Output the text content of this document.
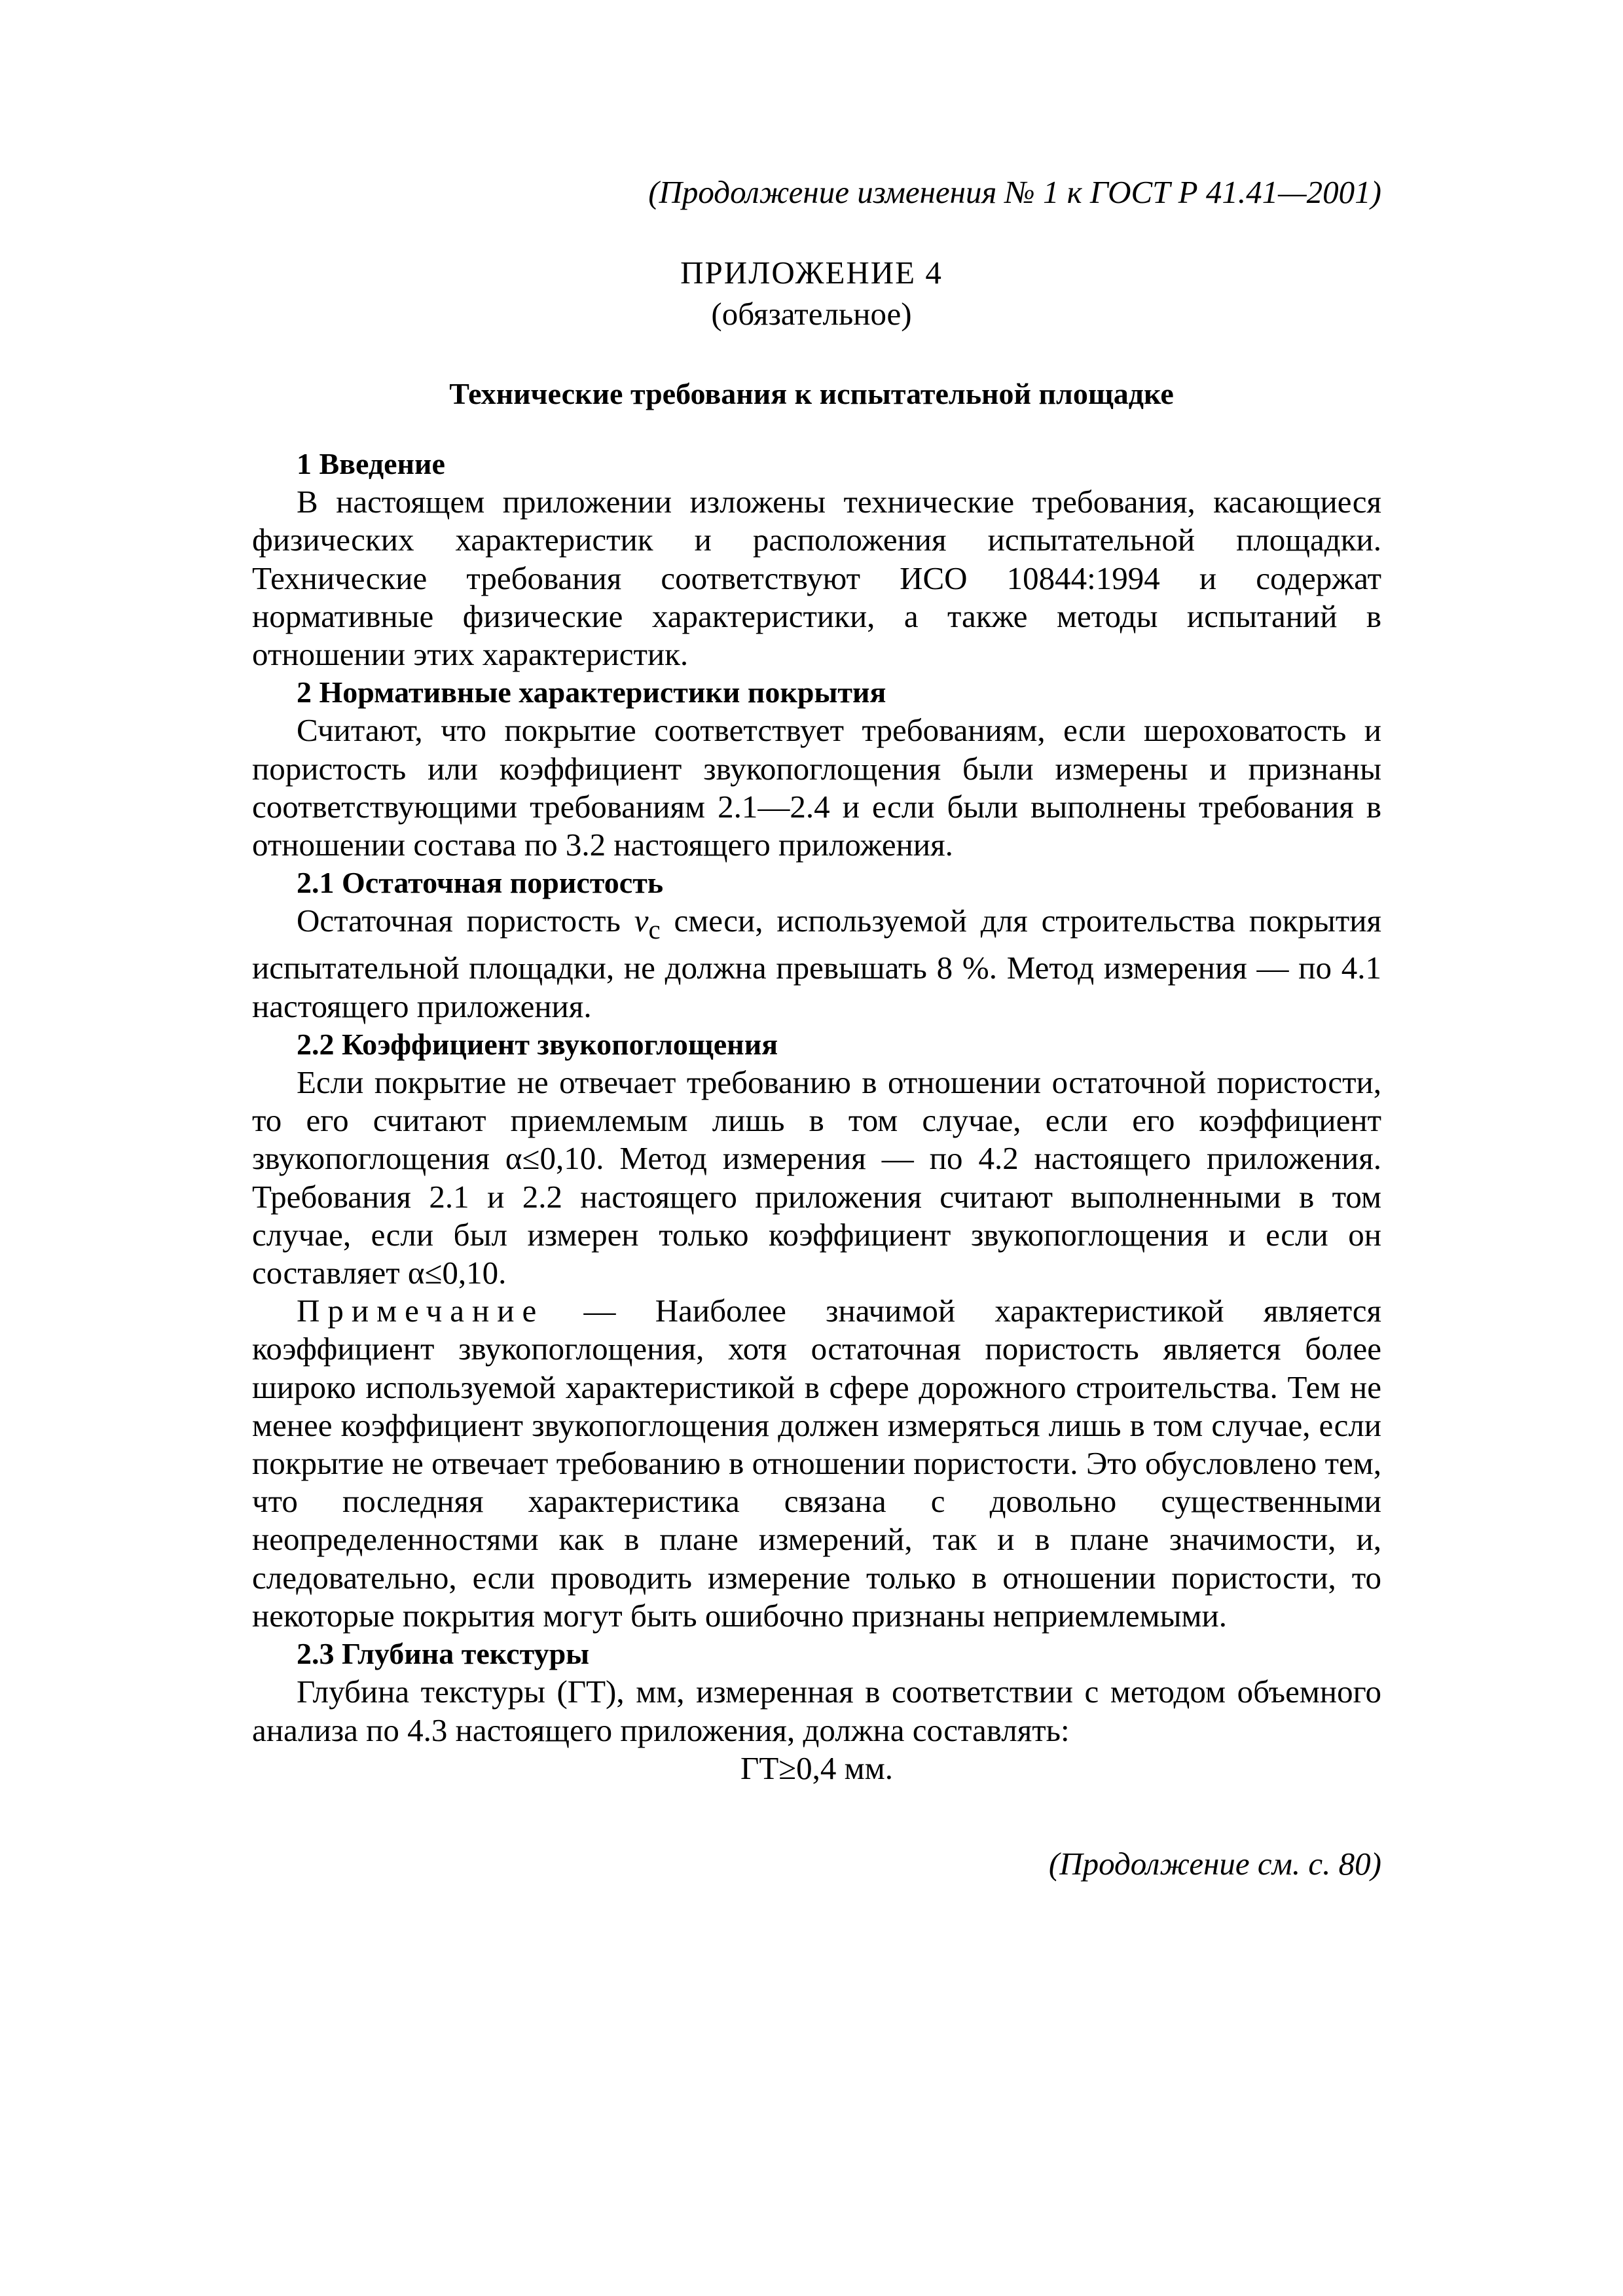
(Продолжение изменения № 1 к ГОСТ Р 41.41—2001)
ПРИЛОЖЕНИЕ 4
(обязательное)
Технические требования к испытательной площадке

1 Введение

В настоящем приложении изложены технические требования, касающиеся физических характеристик и расположения испытательной площадки. Технические требования соответствуют ИСО 10844:1994 и содержат нормативные физические характеристики, а также методы испытаний в отношении этих характеристик.

2 Нормативные характеристики покрытия

Считают, что покрытие соответствует требованиям, если шероховатость и пористость или коэффициент звукопоглощения были измерены и признаны соответствующими требованиям 2.1—2.4 и если были выполнены требования в отношении состава по 3.2 настоящего приложения.

2.1 Остаточная пористость

Остаточная пористость $v_c$ смеси, используемой для строительства покрытия испытательной площадки, не должна превышать 8 %. Метод измерения — по 4.1 настоящего приложения.

2.2 Коэффициент звукопоглощения

Если покрытие не отвечает требованию в отношении остаточной пористости, то его считают приемлемым лишь в том случае, если его коэффициент звукопоглощения α≤0,10. Метод измерения — по 4.2 настоящего приложения. Требования 2.1 и 2.2 настоящего приложения считают выполненными в том случае, если был измерен только коэффициент звукопоглощения и если он составляет α≤0,10.

Примечание — Наиболее значимой характеристикой является коэффициент звукопоглощения, хотя остаточная пористость является более широко используемой характеристикой в сфере дорожного строительства. Тем не менее коэффициент звукопоглощения должен измеряться лишь в том случае, если покрытие не отвечает требованию в отношении пористости. Это обусловлено тем, что последняя характеристика связана с довольно существенными неопределенностями как в плане измерений, так и в плане значимости, и, следовательно, если проводить измерение только в отношении пористости, то некоторые покрытия могут быть ошибочно признаны неприемлемыми.

2.3 Глубина текстуры

Глубина текстуры (ГТ), мм, измеренная в соответствии с методом объемного анализа по 4.3 настоящего приложения, должна составлять:

ГТ≥0,4 мм.

(Продолжение см. с. 80)
